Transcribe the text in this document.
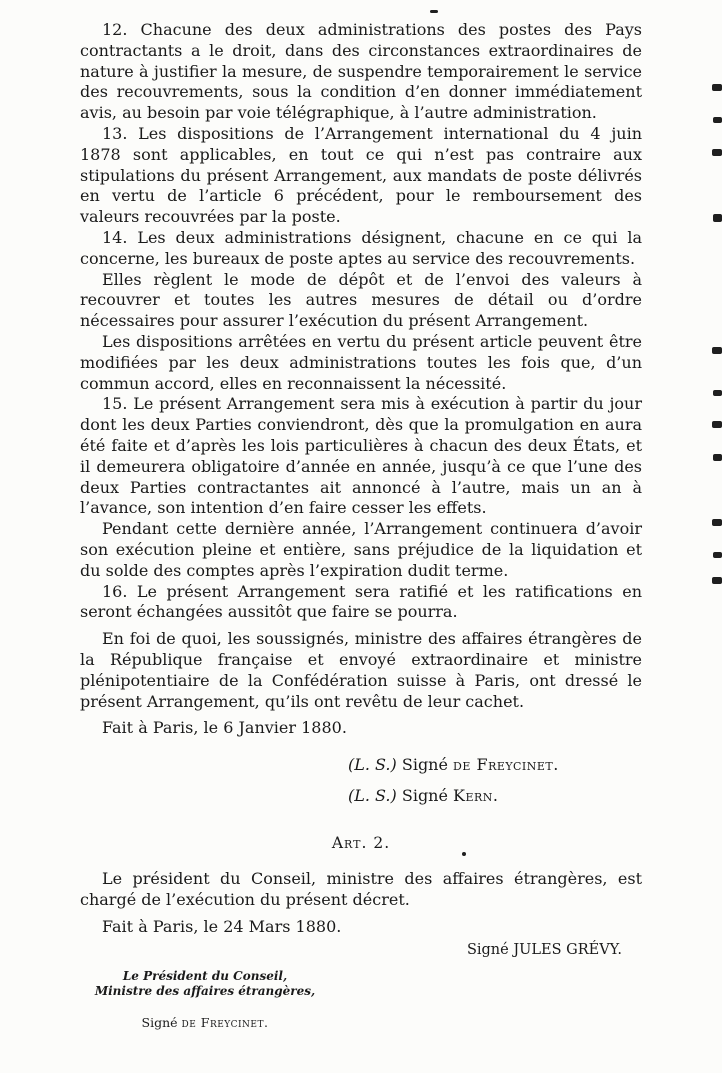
12. Chacune des deux administrations des postes des Pays contractants a le droit, dans des circonstances extraordinaires de nature à justifier la mesure, de suspendre temporairement le service des recouvrements, sous la condition d’en donner immédiatement avis, au besoin par voie télégraphique, à l’autre administration.

13. Les dispositions de l’Arrangement international du 4 juin 1878 sont applicables, en tout ce qui n’est pas contraire aux stipulations du présent Arrangement, aux mandats de poste délivrés en vertu de l’article 6 précédent, pour le remboursement des valeurs recouvrées par la poste.

14. Les deux administrations désignent, chacune en ce qui la concerne, les bureaux de poste aptes au service des recouvrements.

Elles règlent le mode de dépôt et de l’envoi des valeurs à recouvrer et toutes les autres mesures de détail ou d’ordre nécessaires pour assurer l’exécution du présent Arrangement.

Les dispositions arrêtées en vertu du présent article peuvent être modifiées par les deux administrations toutes les fois que, d’un commun accord, elles en reconnaissent la nécessité.

15. Le présent Arrangement sera mis à exécution à partir du jour dont les deux Parties conviendront, dès que la promulgation en aura été faite et d’après les lois particulières à chacun des deux États, et il demeurera obligatoire d’année en année, jusqu’à ce que l’une des deux Parties contractantes ait annoncé à l’autre, mais un an à l’avance, son intention d’en faire cesser les effets.

Pendant cette dernière année, l’Arrangement continuera d’avoir son exécution pleine et entière, sans préjudice de la liquidation et du solde des comptes après l’expiration dudit terme.

16. Le présent Arrangement sera ratifié et les ratifications en seront échangées aussitôt que faire se pourra.

En foi de quoi, les soussignés, ministre des affaires étrangères de la République française et envoyé extraordinaire et ministre plénipotentiaire de la Confédération suisse à Paris, ont dressé le présent Arrangement, qu’ils ont revêtu de leur cachet.

Fait à Paris, le 6 Janvier 1880.

(L. S.) Signé de Freycinet.

(L. S.) Signé Kern.

Art. 2.

Le président du Conseil, ministre des affaires étrangères, est chargé de l’exécution du présent décret.

Fait à Paris, le 24 Mars 1880.

Signé JULES GRÉVY.

Le Président du Conseil,

Ministre des affaires étrangères,

Signé de Freycinet.
